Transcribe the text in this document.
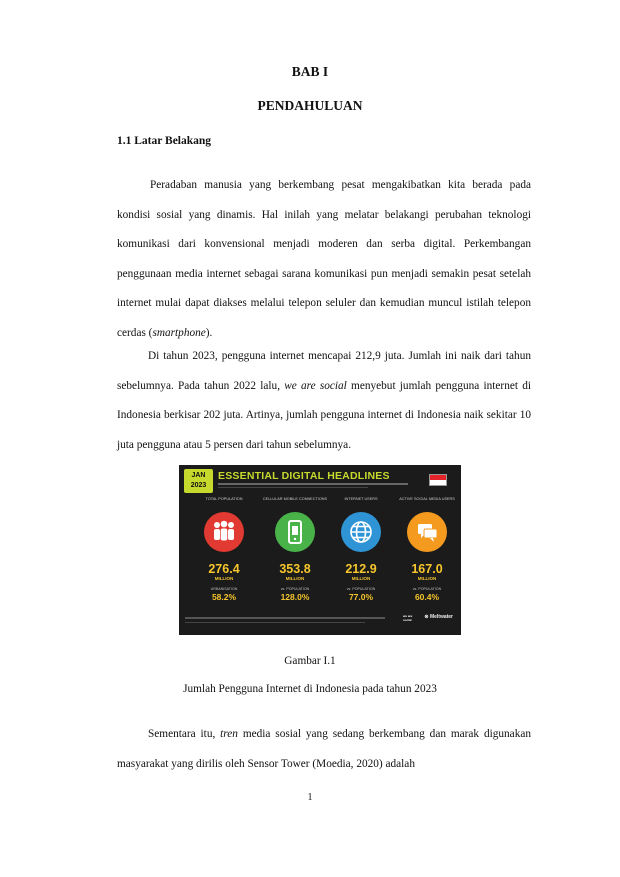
BAB I
PENDAHULUAN
1.1 Latar Belakang
Peradaban manusia yang berkembang pesat mengakibatkan kita berada pada kondisi sosial yang dinamis. Hal inilah yang melatar belakangi perubahan teknologi komunikasi dari konvensional menjadi moderen dan serba digital. Perkembangan penggunaan media internet sebagai sarana komunikasi pun menjadi semakin pesat setelah internet mulai dapat diakses melalui telepon seluler dan kemudian muncul istilah telepon cerdas (smartphone).
Di tahun 2023, pengguna internet mencapai 212,9 juta. Jumlah ini naik dari tahun sebelumnya. Pada tahun 2022 lalu, we are social menyebut jumlah pengguna internet di Indonesia berkisar 202 juta. Artinya, jumlah pengguna internet di Indonesia naik sekitar 10 juta pengguna atau 5 persen dari tahun sebelumnya.
JAN
2023
ESSENTIAL DIGITAL HEADLINES
TOTAL POPULATION
276.4
MILLION
URBANISATION
58.2%
CELLULAR MOBILE CONNECTIONS
353.8
MILLION
vs. POPULATION
128.0%
INTERNET USERS
212.9
MILLION
vs. POPULATION
77.0%
ACTIVE SOCIAL MEDIA USERS
167.0
MILLION
vs. POPULATION
60.4%
we are social	⊗ Meltwater
Gambar I.1
Jumlah Pengguna Internet di Indonesia pada tahun 2023
Sementara itu, tren media sosial yang sedang berkembang dan marak digunakan masyarakat yang dirilis oleh Sensor Tower (Moedia, 2020) adalah
1
